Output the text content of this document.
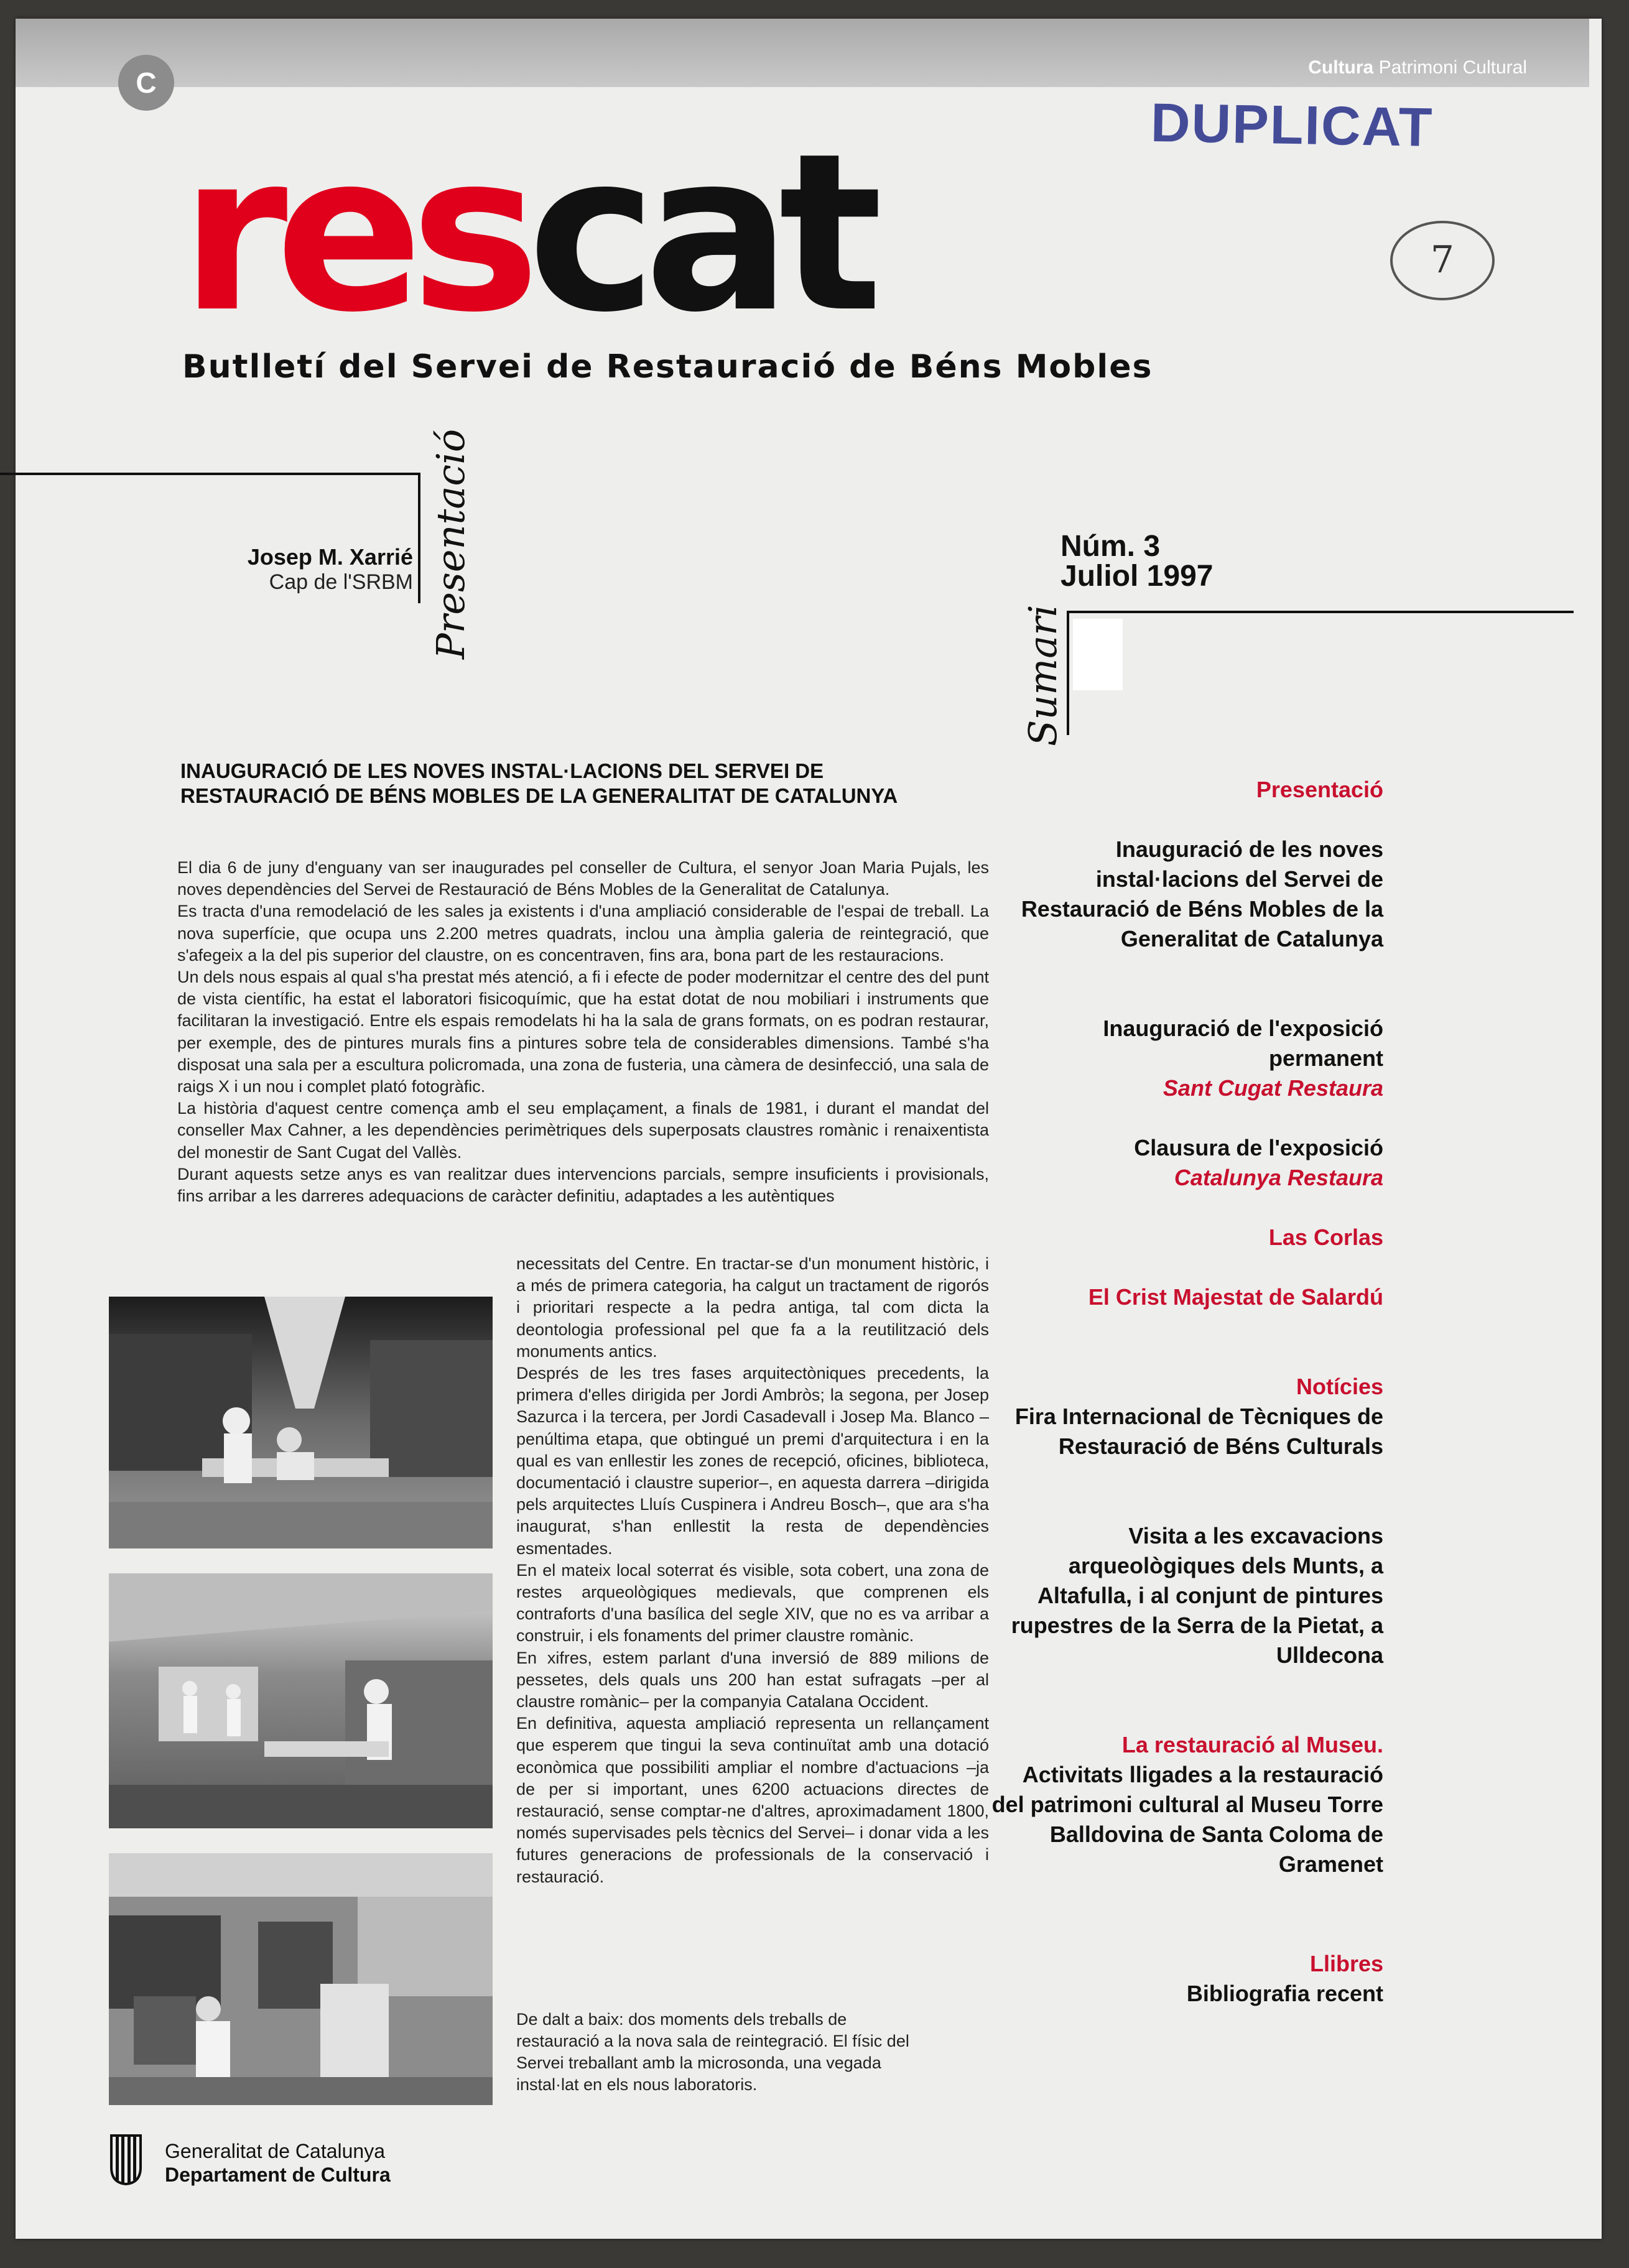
Cultura Patrimoni Cultural
C
rescat	DUPLICAT
7
Butlletí del Servei de Restauració de Béns Mobles
Josep M. Xarrié
Cap de l'SRBM Presentació	Núm. 3
Juliol 1997
Sumari
INAUGURACIÓ DE LES NOVES INSTAL·LACIONS DEL SERVEI DE RESTAURACIÓ DE BÉNS MOBLES DE LA GENERALITAT DE CATALUNYA

El dia 6 de juny d'enguany van ser inaugurades pel conseller de Cultura, el senyor Joan Maria Pujals, les noves dependències del Servei de Restauració de Béns Mobles de la Generalitat de Catalunya.

Es tracta d'una remodelació de les sales ja existents i d'una ampliació considerable de l'espai de treball. La nova superfície, que ocupa uns 2.200 metres quadrats, inclou una àmplia galeria de reintegració, que s'afegeix a la del pis superior del claustre, on es concentraven, fins ara, bona part de les restauracions.

Un dels nous espais al qual s'ha prestat més atenció, a fi i efecte de poder modernitzar el centre des del punt de vista científic, ha estat el laboratori fisicoquímic, que ha estat dotat de nou mobiliari i instruments que facilitaran la investigació. Entre els espais remodelats hi ha la sala de grans formats, on es podran restaurar, per exemple, des de pintures murals fins a pintures sobre tela de considerables dimensions. També s'ha disposat una sala per a escultura policromada, una zona de fusteria, una càmera de desinfecció, una sala de raigs X i un nou i complet plató fotogràfic.

La història d'aquest centre comença amb el seu emplaçament, a finals de 1981, i durant el mandat del conseller Max Cahner, a les dependències perimètriques dels superposats claustres romànic i renaixentista del monestir de Sant Cugat del Vallès.

Durant aquests setze anys es van realitzar dues intervencions parcials, sempre insuficients i provisionals, fins arribar a les darreres adequacions de caràcter definitiu, adaptades a les autèntiques

necessitats del Centre. En tractar-se d'un monument històric, i a més de primera categoria, ha calgut un tractament de rigorós i prioritari respecte a la pedra antiga, tal com dicta la deontologia professional pel que fa a la reutilització dels monuments antics.

Després de les tres fases arquitectòniques precedents, la primera d'elles dirigida per Jordi Ambròs; la segona, per Josep Sazurca i la tercera, per Jordi Casadevall i Josep Ma. Blanco –penúltima etapa, que obtingué un premi d'arquitectura i en la qual es van enllestir les zones de recepció, oficines, biblioteca, documentació i claustre superior–, en aquesta darrera –dirigida pels arquitectes Lluís Cuspinera i Andreu Bosch–, que ara s'ha inaugurat, s'han enllestit la resta de dependències esmentades.

En el mateix local soterrat és visible, sota cobert, una zona de restes arqueològiques medievals, que comprenen els contraforts d'una basílica del segle XIV, que no es va arribar a construir, i els fonaments del primer claustre romànic.

En xifres, estem parlant d'una inversió de 889 milions de pessetes, dels quals uns 200 han estat sufragats –per al claustre romànic– per la companyia Catalana Occident.

En definitiva, aquesta ampliació representa un rellançament que esperem que tingui la seva continuïtat amb una dotació econòmica que possibiliti ampliar el nombre d'actuacions –ja de per si important, unes 6200 actuacions directes de restauració, sense comptar-ne d'altres, aproximadament 1800, només supervisades pels tècnics del Servei– i donar vida a les futures generacions de professionals de la conservació i restauració.

De dalt a baix: dos moments dels treballs de restauració a la nova sala de reintegració. El físic del Servei treballant amb la microsonda, una vegada instal·lat en els nous laboratoris.
Presentació
Inauguració de les noves instal·lacions del Servei de Restauració de Béns Mobles de la Generalitat de Catalunya
Inauguració de l'exposició permanent
Sant Cugat Restaura
Clausura de l'exposició
Catalunya Restaura
Las Corlas
El Crist Majestat de Salardú
Notícies
Fira Internacional de Tècniques de Restauració de Béns Culturals
Visita a les excavacions arqueològiques dels Munts, a Altafulla, i al conjunt de pintures rupestres de la Serra de la Pietat, a Ulldecona
La restauració al Museu.
Activitats lligades a la restauració del patrimoni cultural al Museu Torre Balldovina de Santa Coloma de Gramenet
Llibres
Bibliografia recent
Generalitat de Catalunya
Departament de Cultura
